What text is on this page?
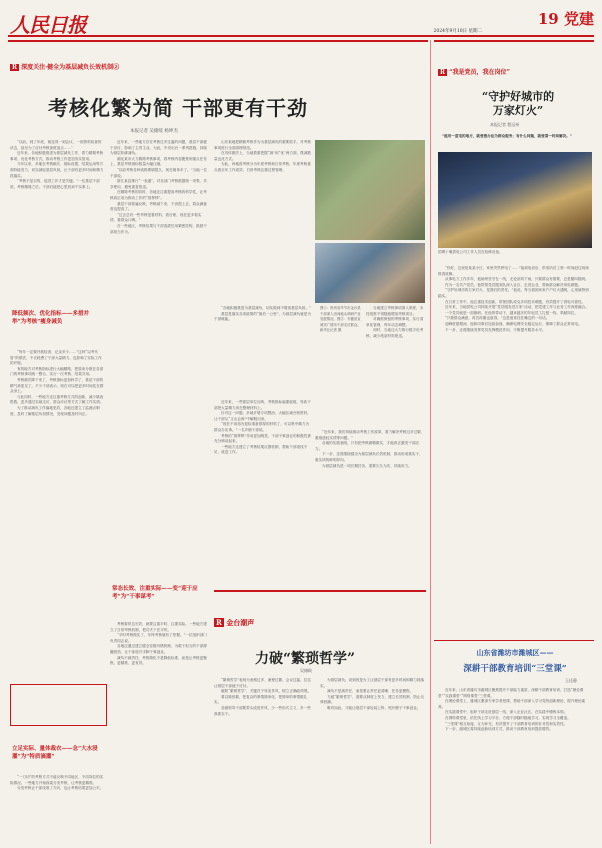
人民日报	2024年9月10日 星期二
19 党建
R 深度关注·健全为基层减负长效机制②
考核化繁为简 干部更有干劲
本报记者 吴储岐 杨坤杰

“以前，到了年底，就变得一到会议、一到资料检查的状态，甚至为了应付考核加班加点……”

近年来，各地积极推进为基层减负工作，着力精简考核事项、优化考核方式，推动考核工作更加务实管用。

今年以来，多地在考核频次、指标设置、结果运用等方面持续发力，切实减轻基层负担，让干部有更多时间和精力抓落实。

“考核不是目的，促进工作才是关键。”一位基层干部说，考核精简之后，干部们能把心思放到干实事上。

降低频次、优化指标——多措并举“为考核”瘦身减负

“每年一定要开展检查、记录多少……”这种“以考代管”的做法，不仅耗费了干部大量精力，也影响了实际工作的开展。

有的地方对考核指标进行大幅精简，把原来分散在各部门的考核事项统一整合，实行一次考核、结果共用。

考核频次降下来了，考核指标更加科学了，基层干部的精气神更足了。不少干部表示，现在可以把更多时间花在群众身上。

与此同时，一些地方还注重考核方式的创新，减少填表报数，更多通过实地走访、群众评议等方式了解工作实绩。

为了推动减负工作落地见效，各地还建立了监测点制度，及时了解基层负担情况，发现问题及时纠正。

立足实际、量体裁衣——念“大水浸灌”为“特质滴灌”

“一刀切”的考核方式不能反映不同地区、不同岗位的实际情况。一些地方开始探索分类考核，让考核更精准。

分类考核让干部找准了方向，也让考核结果更加公平。

近年来，一些地方存在考核过多过滥的问题，基层干部疲于应付，影响了主责主业。为此，中央出台一系列措施，持续为基层松绑减负。

湖北某市大力精简考核事项，将考核内容聚焦到重点任务上，基层考核指标数量大幅压缩。

“以前考核各种表格要填很久，现在简单多了。”当地一位干部说。

浙江某县推行“一表通”，对各部门考核数据统一采集、共享使用，避免重复报送。

在精简考核的同时，各地还注重提高考核的科学性，让考核真正成为推动工作的“指挥棒”。

基层干部普遍反映，考核减下来，干劲提上去，群众满意度也提高了。

“过去总有一些考核是看材料、看台账，现在更多看实绩、看群众口碑。”

在一些地区，考核结果与干部选拔任用紧密挂钩，鼓励干部担当作为。

常态长效、注重实际——变“迎于应考”为“干事谋考”

考核要常态长效，就要注重平时、注重实际。一些地方建立了日常考核机制，把功夫下在平时。

“平时考核做实了，年终考核就有了依据。”一位组织部门负责同志说。

各地还通过建立健全容错纠错机制，为敢于担当的干部撑腰鼓劲，让干部放开手脚干事创业。

减负不减责任，考核简化不是降低标准，而是让考核更聚焦、更精准、更有效。

山东某地把精简考核作为为基层减负的重要抓手，对考核事项进行全面清理规范。

在具体做法上，当地着重把握“减”和“优”两方面，既减数量也优方式。

为此，该地将考核分为年度考核和日常考核，年度考核重点看全年工作成效，日常考核注重过程管理。

“各地积极推进为基层减负，切实做到不增加基层负担。”

基层是落实各项政策的“最后一公里”，为基层减负就是为干部赋能。

图①：贵州省毕节市金沙县干部深入田间地头调研产业发展情况。图②：安徽省宣城市广德市干部走访群众。
新华社记者 摄

当地建立考核事项准入制度，未经批准不得随意增加考核项目。

对确需保留的考核事项，实行清单化管理，每年动态调整。

同时，当地还大力推行数字化考核，减少纸质材料报送。

近年来，一些基层单位反映，考核指标偏重留痕，导致干部把大量精力用在整理材料上。

针对这一问题，多地开展专项整治，大幅压减台账资料，让干部从“文山会海”中解脱出来。

“现在不用再为迎检准备厚厚的材料了，可以集中精力为群众办实事。”一名乡镇干部说。

考核的“指挥棒”作用更加明显，干部干事创业的积极性被充分调动起来。

一些地方还建立了考核结果反馈机制，帮助干部查找不足、改进工作。

“近年来，我们持续推动考核工作改革，着力解决考核过多过繁、重痕迹轻实绩等问题。”

各地的实践表明，只有把考核做精做实，才能真正激发干部活力。

下一步，还将继续健全为基层减负长效机制，推动形成重实干、重实绩的鲜明导向。

为基层减负是一项长期任务，需要久久为功、持续用力。

R 金台潮声
力破“繁琐哲学”
吴储岐

“繁琐哲学”表现为表格过多、流程过繁、会议过滥，往往让基层干部疲于应付。

破除“繁琐哲学”，关键在于转变作风，树立正确政绩观。

要以简驭繁，把复杂的事情简单化，把简单的事情做扎实。

各级领导干部要带头改进作风，少一些形式主义，多一些真抓实干。

为基层减负，说到底是为了让基层干部有更多时间和精力抓落实。

减负不是减责任，而是要让责任更清晰、任务更聚焦。

力破“繁琐哲学”，需要从制度上发力，建立长效机制，防止反弹回潮。

唯有如此，才能让基层干部轻装上阵、甩开膀子干事创业。

R “我是党员，我在岗位”
“守护好城市的
万家灯火”
本报记者 程远州
“能用一度电的地方，就要想办法为群众服务；有什么问题，就要第一时间解决。”
国网十堰供电公司工作人员在检修设备。

“你好，这里是某某小区，家里突然停电了……”接到电话后，供电所员工第一时间赶往现场排查故障。

从事电力工作多年，他始终坚守在一线，无论刮风下雨，只要群众有需要，总是随叫随到。

作为一名共产党员，他带领党员服务队深入社区、走进企业，帮助群众解决用电难题。

“守护好城市的万家灯火，是我们的责任。”他说，每当看到家家户户灯火通明，心里就特别踏实。

在日常工作中，他注重技术创新，带领团队攻克多项技术难题，有效提升了供电可靠性。

近年来，当地供电公司持续开展“党员服务进万家”活动，把党建工作与业务工作深度融合。

一个党员就是一面旗帜。在他的带动下，越来越多的年轻员工扎根一线、奉献岗位。

“只要群众满意，再苦再累也值得。”这是他常挂在嘴边的一句话。

迎峰度夏期间，他和同事们连续奋战，确保电网安全稳定运行，保障了群众正常用电。

下一步，还将继续发挥党员先锋模范作用，不断提升服务水平。

山东省潍坊市潍城区——
深耕干部教育培训“三堂课”
王佳静

近年来，山东省潍坊市潍城区聚焦提升干部能力素质，深耕干部教育培训，打造“理论课堂”“实践课堂”“网络课堂”三堂课。

在理论课堂上，潍城区邀请专家学者授课，帮助干部深入学习党的创新理论，提升理论素养。

在实践课堂中，组织干部走进基层一线、深入企业社区，在实践中锤炼本领。

在网络课堂里，依托线上学习平台，方便干部随时随地学习，实现学习全覆盖。

“三堂课”相互衔接、互为补充，有效提升了干部教育培训的针对性和实效性。

下一步，潍城区将持续创新培训方式，推动干部教育培训提质增效。
